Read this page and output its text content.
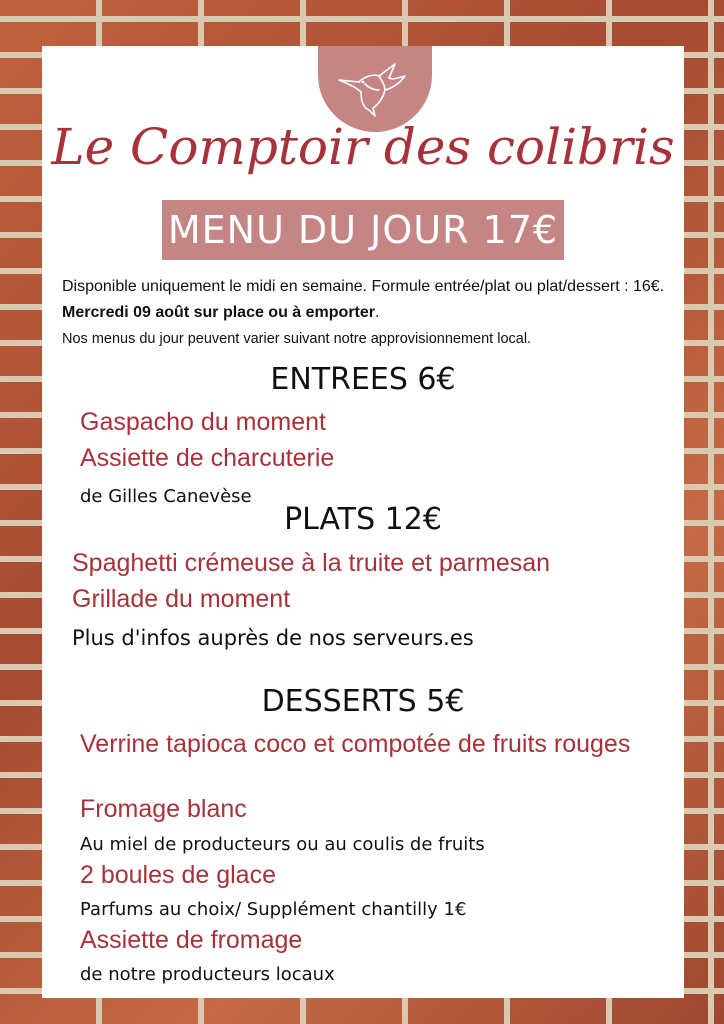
Le Comptoir des colibris
MENU DU JOUR 17€
Disponible uniquement le midi en semaine. Formule entrée/plat ou plat/dessert : 16€. Mercredi 09 août sur place ou à emporter.
Nos menus du jour peuvent varier suivant notre approvisionnement local.
ENTREES 6€
Gaspacho du moment
Assiette de charcuterie
de Gilles Canevèse
PLATS 12€
Spaghetti crémeuse à la truite et parmesan
Grillade du moment
Plus d'infos auprès de nos serveurs.es
DESSERTS 5€
Verrine tapioca coco et compotée de fruits rouges
Fromage blanc
Au miel de producteurs ou au coulis de fruits
2 boules de glace
Parfums au choix/ Supplément chantilly 1€
Assiette de fromage
de notre producteurs locaux
